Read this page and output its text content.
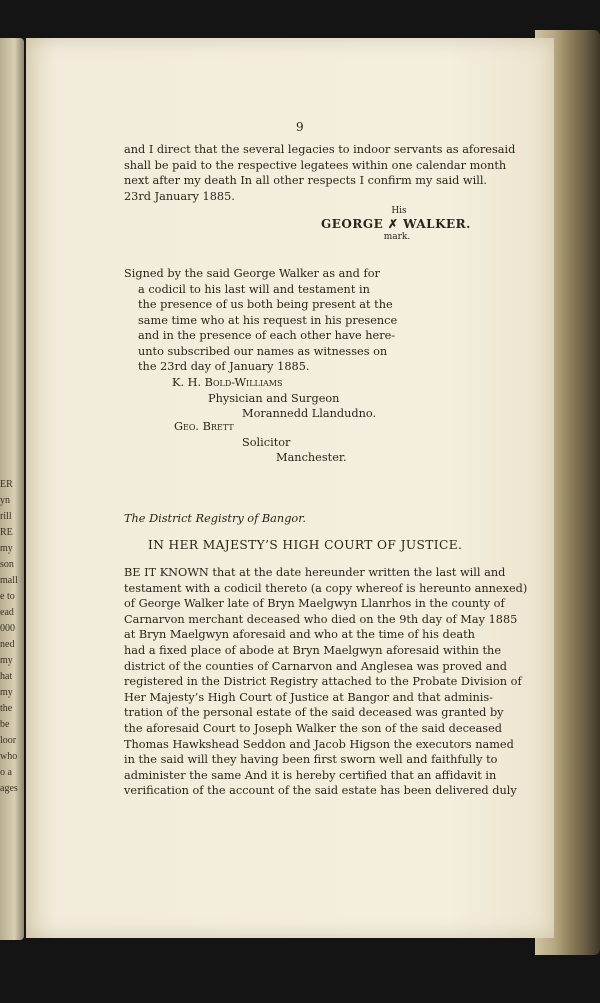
ER
yn
rill
RE
my
son
mall
e to
ead
000
ned
my
hat
my
the
be
loor
who
o a
ages
9
and I direct that the several legacies to indoor servants as aforesaid
shall be paid to the respective legatees within one calendar month
next after my death In all other respects I confirm my said will.
23rd January 1885.
His
GEORGE ✗ WALKER.
mark.
Signed by the said George Walker as and for
a codicil to his last will and testament in
the presence of us both being present at the
same time who at his request in his presence
and in the presence of each other have here-
unto subscribed our names as witnesses on
the 23rd day of January 1885.
K. H. Bold-Williams
Physician and Surgeon
Morannedd Llandudno.
Geo. Brett
Solicitor
Manchester.
The District Registry of Bangor.
IN HER MAJESTY’S HIGH COURT OF JUSTICE.
BE IT KNOWN that at the date hereunder written the last will and
testament with a codicil thereto (a copy whereof is hereunto annexed)
of George Walker late of Bryn Maelgwyn Llanrhos in the county of
Carnarvon merchant deceased who died on the 9th day of May 1885
at Bryn Maelgwyn aforesaid and who at the time of his death
had a fixed place of abode at Bryn Maelgwyn aforesaid within the
district of the counties of Carnarvon and Anglesea was proved and
registered in the District Registry attached to the Probate Division of
Her Majesty’s High Court of Justice at Bangor and that adminis-
tration of the personal estate of the said deceased was granted by
the aforesaid Court to Joseph Walker the son of the said deceased
Thomas Hawkshead Seddon and Jacob Higson the executors named
in the said will they having been first sworn well and faithfully to
administer the same And it is hereby certified that an affidavit in
verification of the account of the said estate has been delivered duly
